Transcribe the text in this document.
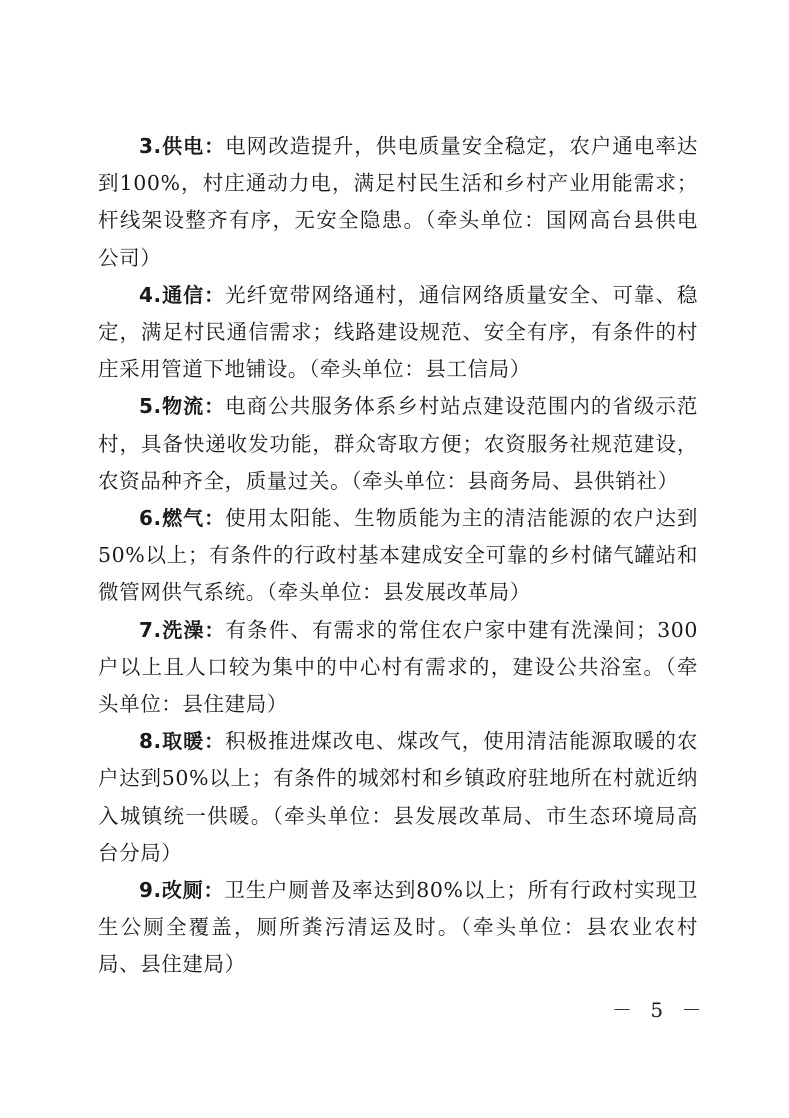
3.供电：电网改造提升，供电质量安全稳定，农户通电率达到100%，村庄通动力电，满足村民生活和乡村产业用能需求；杆线架设整齐有序，无安全隐患。（牵头单位：国网高台县供电公司）

4.通信：光纤宽带网络通村，通信网络质量安全、可靠、稳定，满足村民通信需求；线路建设规范、安全有序，有条件的村庄采用管道下地铺设。（牵头单位：县工信局）

5.物流：电商公共服务体系乡村站点建设范围内的省级示范村，具备快递收发功能，群众寄取方便；农资服务社规范建设，农资品种齐全，质量过关。（牵头单位：县商务局、县供销社）

6.燃气：使用太阳能、生物质能为主的清洁能源的农户达到50%以上；有条件的行政村基本建成安全可靠的乡村储气罐站和微管网供气系统。（牵头单位：县发展改革局）

7.洗澡：有条件、有需求的常住农户家中建有洗澡间；300户以上且人口较为集中的中心村有需求的，建设公共浴室。（牵头单位：县住建局）

8.取暖：积极推进煤改电、煤改气，使用清洁能源取暖的农户达到50%以上；有条件的城郊村和乡镇政府驻地所在村就近纳入城镇统一供暖。（牵头单位：县发展改革局、市生态环境局高台分局）

9.改厕：卫生户厕普及率达到80%以上；所有行政村实现卫生公厕全覆盖，厕所粪污清运及时。（牵头单位：县农业农村局、县住建局）

－ 5 －
